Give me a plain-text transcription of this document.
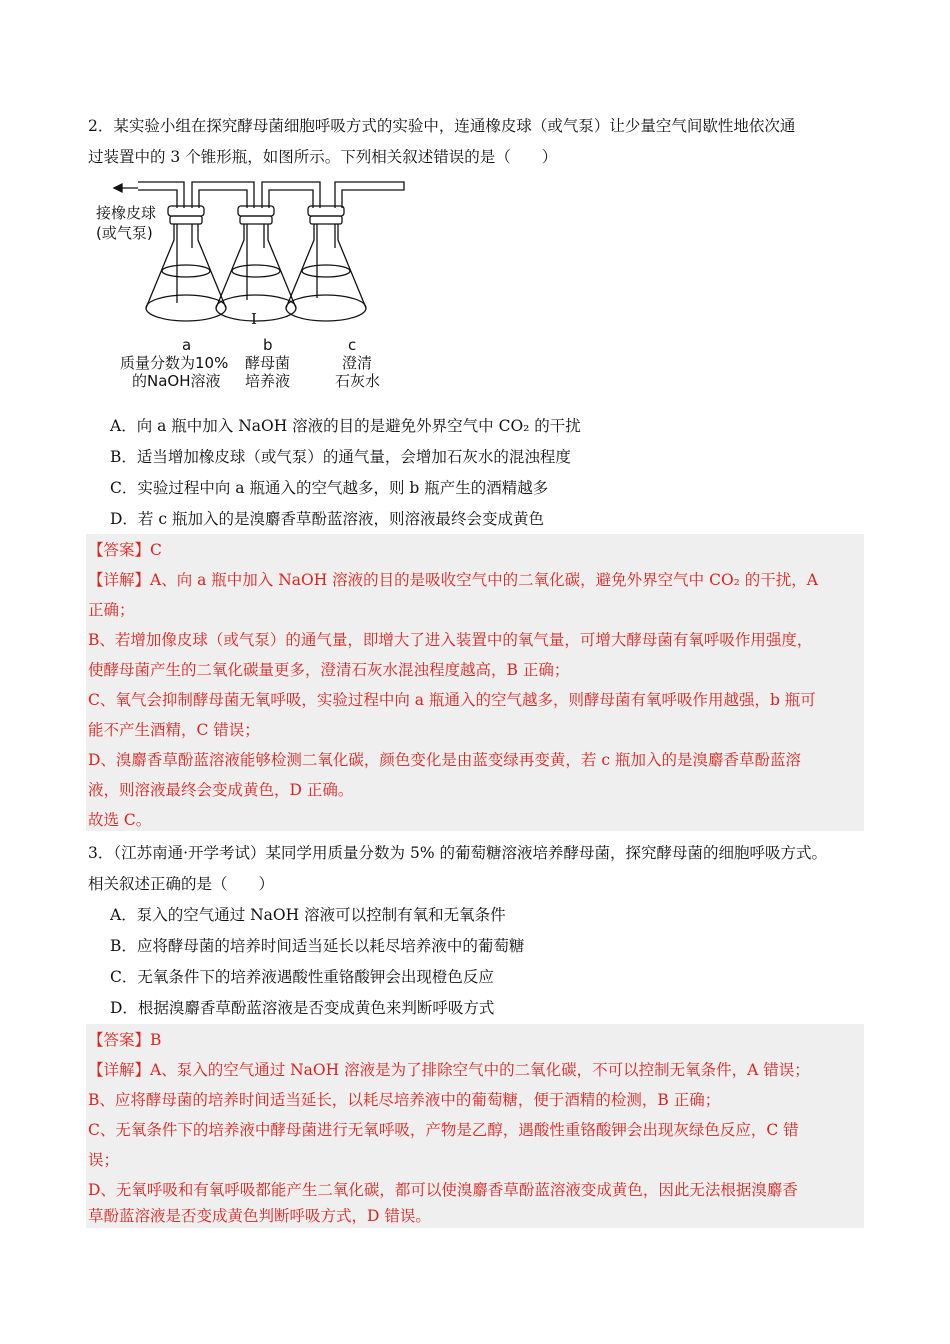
2．某实验小组在探究酵母菌细胞呼吸方式的实验中，连通橡皮球（或气泵）让少量空气间歇性地依次通
过装置中的 3 个锥形瓶，如图所示。下列相关叙述错误的是（　　）
接橡皮球
(或气泵)
I
a
质量分数为10%
的NaOH溶液
b
酵母菌
培养液
c
澄清
石灰水
A．向 a 瓶中加入 NaOH 溶液的目的是避免外界空气中 CO₂ 的干扰
B．适当增加橡皮球（或气泵）的通气量，会增加石灰水的混浊程度
C．实验过程中向 a 瓶通入的空气越多，则 b 瓶产生的酒精越多
D．若 c 瓶加入的是溴麝香草酚蓝溶液，则溶液最终会变成黄色
【答案】C
【详解】A、向 a 瓶中加入 NaOH 溶液的目的是吸收空气中的二氧化碳，避免外界空气中 CO₂ 的干扰，A
正确；
B、若增加像皮球（或气泵）的通气量，即增大了进入装置中的氧气量，可增大酵母菌有氧呼吸作用强度，
使酵母菌产生的二氧化碳量更多，澄清石灰水混浊程度越高，B 正确；
C、氧气会抑制酵母菌无氧呼吸，实验过程中向 a 瓶通入的空气越多，则酵母菌有氧呼吸作用越强，b 瓶可
能不产生酒精，C 错误；
D、溴麝香草酚蓝溶液能够检测二氧化碳，颜色变化是由蓝变绿再变黄，若 c 瓶加入的是溴麝香草酚蓝溶
液，则溶液最终会变成黄色，D 正确。
故选 C。
3．（江苏南通·开学考试）某同学用质量分数为 5% 的葡萄糖溶液培养酵母菌，探究酵母菌的细胞呼吸方式。
相关叙述正确的是（　　）
A．泵入的空气通过 NaOH 溶液可以控制有氧和无氧条件
B．应将酵母菌的培养时间适当延长以耗尽培养液中的葡萄糖
C．无氧条件下的培养液遇酸性重铬酸钾会出现橙色反应
D．根据溴麝香草酚蓝溶液是否变成黄色来判断呼吸方式
【答案】B
【详解】A、泵入的空气通过 NaOH 溶液是为了排除空气中的二氧化碳，不可以控制无氧条件，A 错误；
B、应将酵母菌的培养时间适当延长，以耗尽培养液中的葡萄糖，便于酒精的检测，B 正确；
C、无氧条件下的培养液中酵母菌进行无氧呼吸，产物是乙醇，遇酸性重铬酸钾会出现灰绿色反应，C 错
误；
D、无氧呼吸和有氧呼吸都能产生二氧化碳，都可以使溴麝香草酚蓝溶液变成黄色，因此无法根据溴麝香
草酚蓝溶液是否变成黄色判断呼吸方式，D 错误。
